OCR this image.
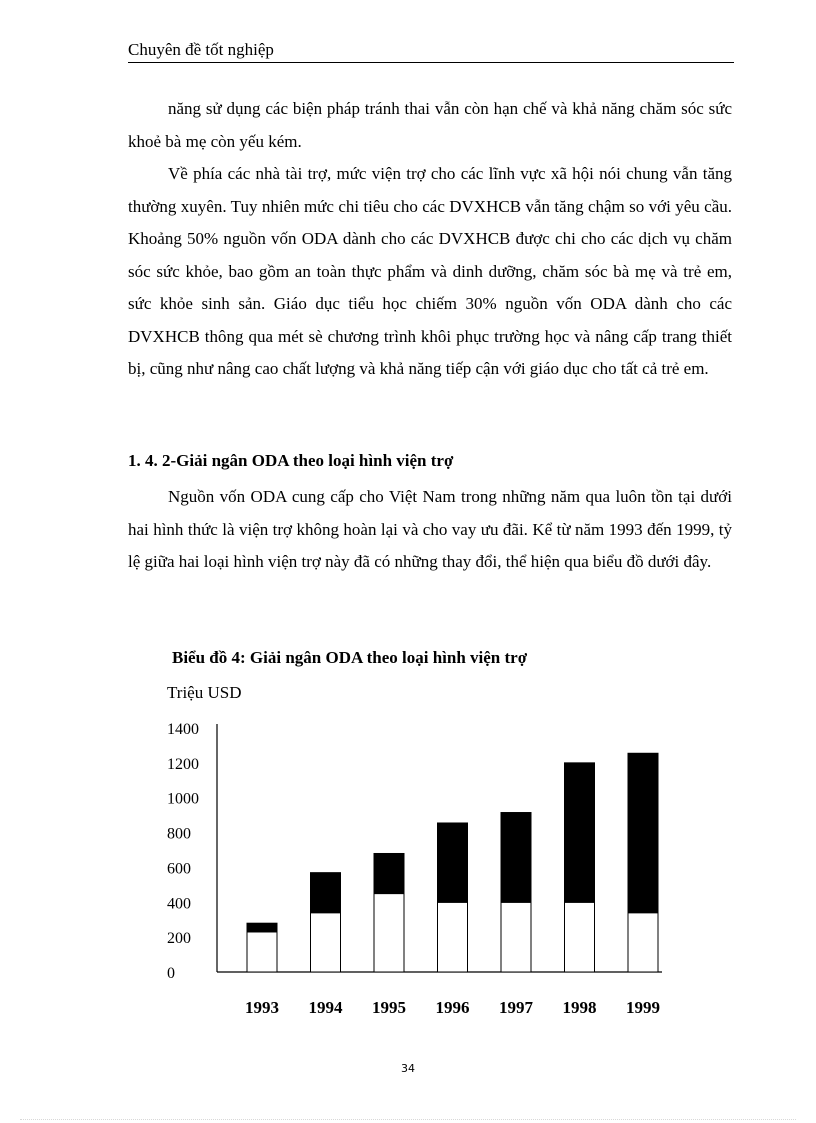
Chuyên đề tốt nghiệp

năng sử dụng các biện pháp tránh thai vẫn còn hạn chế và khả năng chăm sóc sức khoẻ bà mẹ còn yếu kém.

Về phía các nhà tài trợ, mức viện trợ cho các lĩnh vực xã hội nói chung vẫn tăng thường xuyên. Tuy nhiên mức chi tiêu cho các DVXHCB vẫn tăng chậm so với yêu cầu. Khoảng 50% nguồn vốn ODA dành cho các DVXHCB được chi cho các dịch vụ chăm sóc sức khỏe, bao gồm an toàn thực phẩm và dinh dưỡng, chăm sóc bà mẹ và trẻ em, sức khỏe sinh sản. Giáo dục tiểu học chiếm 30% nguồn vốn ODA dành cho các DVXHCB thông qua mét sè chương trình khôi phục trường học và nâng cấp trang thiết bị, cũng như nâng cao chất lượng và khả năng tiếp cận với giáo dục cho tất cả trẻ em.

1. 4. 2-Giải ngân ODA theo loại hình viện trợ

Nguồn vốn ODA cung cấp cho Việt Nam trong những năm qua luôn tồn tại dưới hai hình thức là viện trợ không hoàn lại và cho vay ưu đãi. Kể từ năm 1993 đến 1999, tỷ lệ giữa hai loại hình viện trợ này đã có những thay đổi, thể hiện qua biểu đồ dưới đây.

Biểu đồ 4: Giải ngân ODA theo loại hình viện trợ
Triệu USD
1400
1200
1000
800
600
400
200
0
1993 1994 1995 1996 1997 1998 1999
34
